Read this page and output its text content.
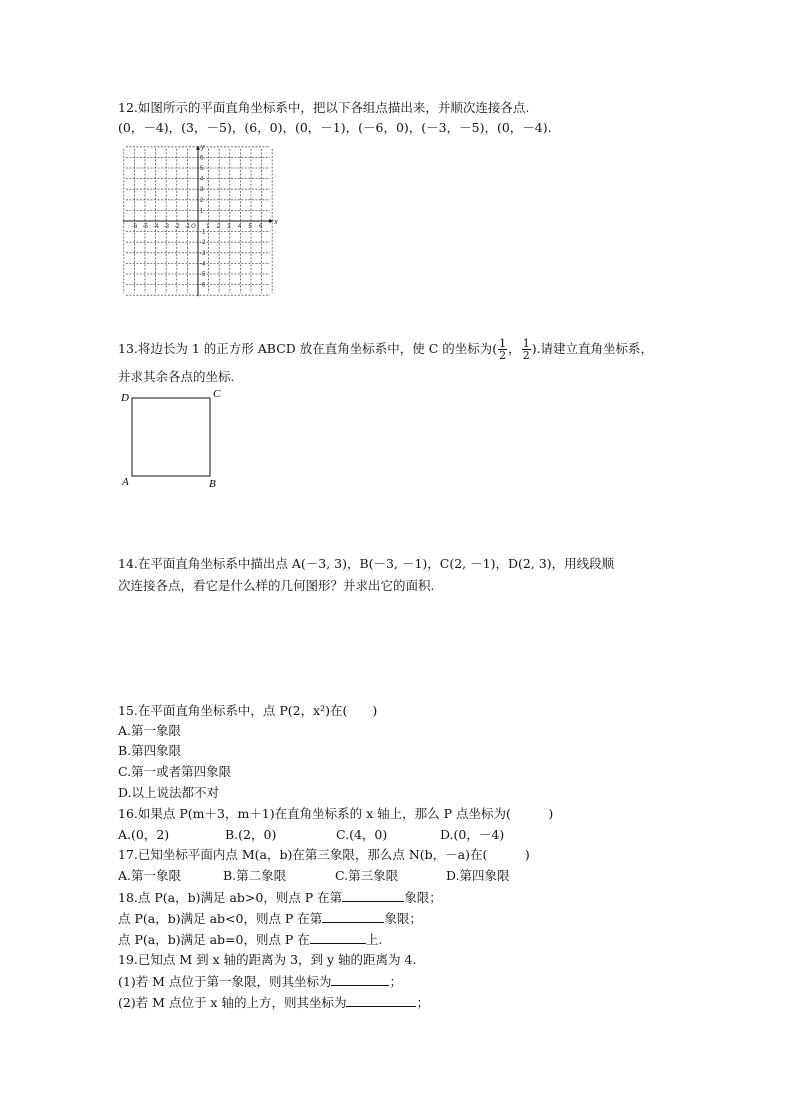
12.如图所示的平面直角坐标系中，把以下各组点描出来，并顺次连接各点.
(0，－4)，(3，－5)，(6，0)，(0，－1)，(－6，0)，(－3，－5)，(0，－4).
-6 -5 -4 -3 -2 -1	1 2 3 4 5 6
6
5
4
3
2
1
-1
-2
-3
-4
-5
-6
O
x
y
13.将边长为 1 的正方形 ABCD 放在直角坐标系中，使 C 的坐标为( $\frac{1}{2}$ ， $\frac{1}{2}$ ).请建立直角坐标系，
并求其余各点的坐标.
D	C
A	B
14.在平面直角坐标系中描出点 A(－3, 3)，B(－3, －1)，C(2, －1)，D(2, 3)，用线段顺
次连接各点，看它是什么样的几何图形？并求出它的面积.
15.在平面直角坐标系中，点 P(2，x²)在(　　)
A.第一象限
B.第四象限
C.第一或者第四象限
D.以上说法都不对
16.如果点 P(m＋3，m＋1)在直角坐标系的 x 轴上，那么 P 点坐标为(　　　)
A.(0，2)	B.(2，0)	C.(4，0)	D.(0，－4)
17.已知坐标平面内点 M(a，b)在第三象限，那么点 N(b，－a)在(　　　)
A.第一象限	B.第二象限	C.第三象限	D.第四象限
18.点 P(a，b)满足 ab>0，则点 P 在第	象限；
点 P(a，b)满足 ab<0，则点 P 在第	象限；
点 P(a，b)满足 ab=0，则点 P 在	上.
19.已知点 M 到 x 轴的距离为 3，到 y 轴的距离为 4.
(1)若 M 点位于第一象限，则其坐标为	；
(2)若 M 点位于 x 轴的上方，则其坐标为	；
